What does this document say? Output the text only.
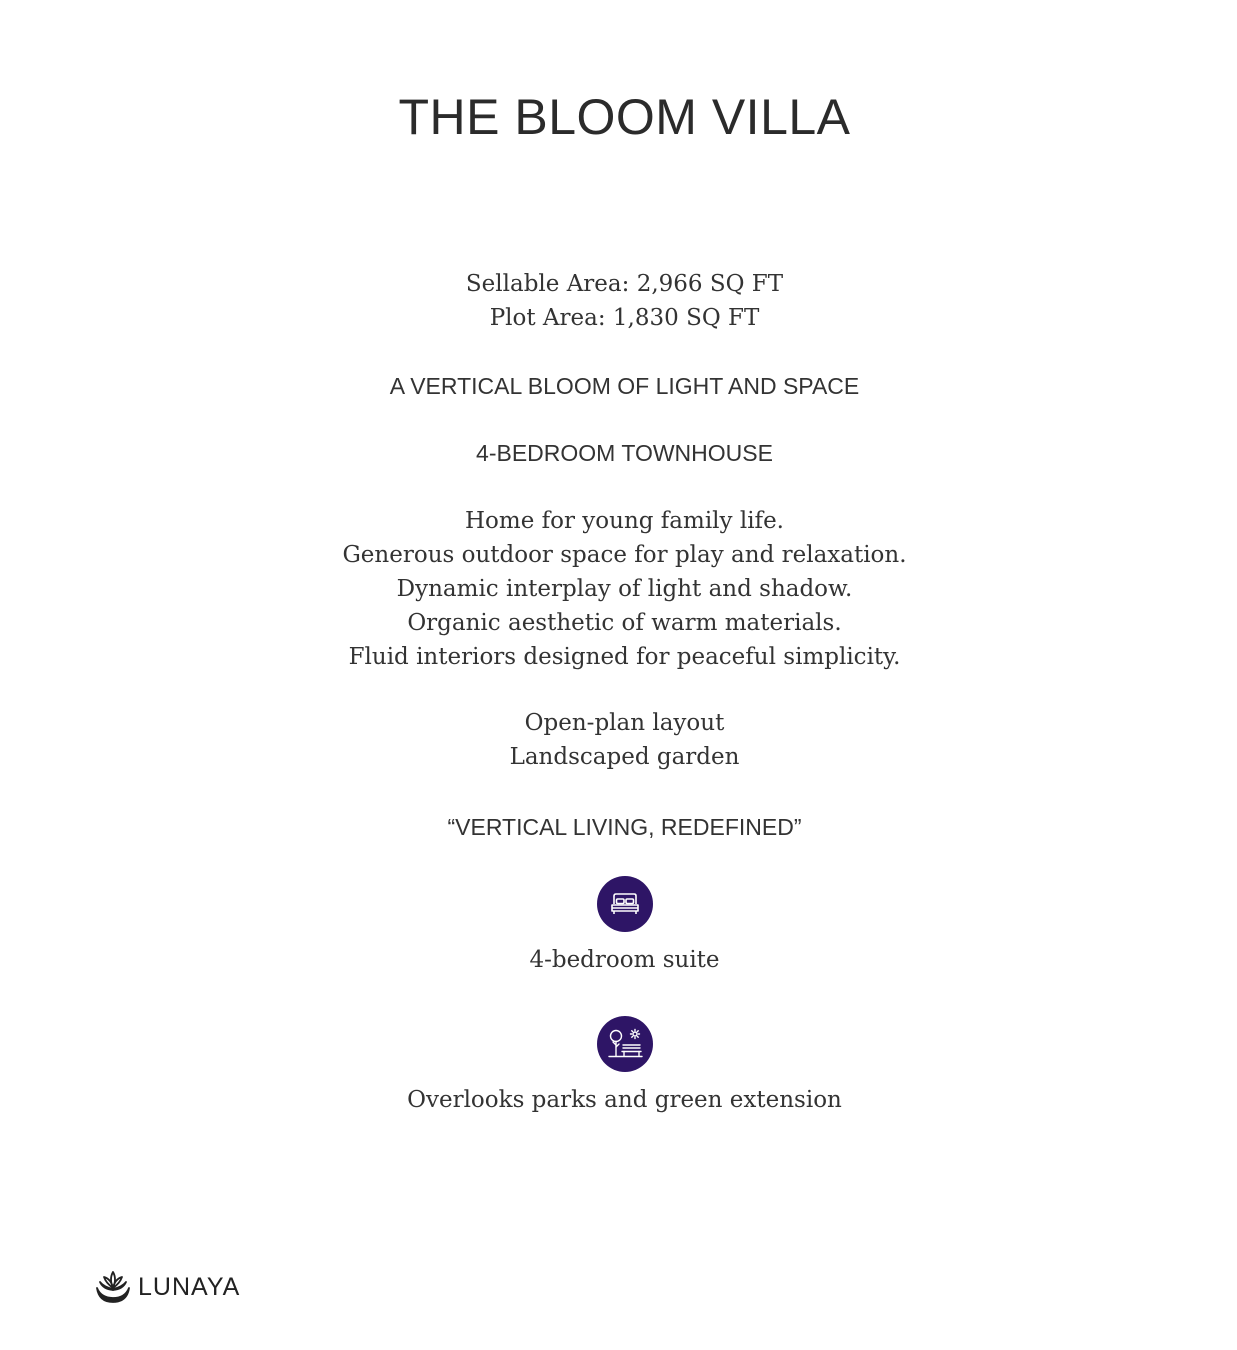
THE BLOOM VILLA
Sellable Area: 2,966 SQ FT
Plot Area: 1,830 SQ FT
A VERTICAL BLOOM OF LIGHT AND SPACE
4-BEDROOM TOWNHOUSE
Home for young family life.
Generous outdoor space for play and relaxation.
Dynamic interplay of light and shadow.
Organic aesthetic of warm materials.
Fluid interiors designed for peaceful simplicity.
Open-plan layout
Landscaped garden
“VERTICAL LIVING, REDEFINED”
4-bedroom suite
Overlooks parks and green extension
LUNAYA
